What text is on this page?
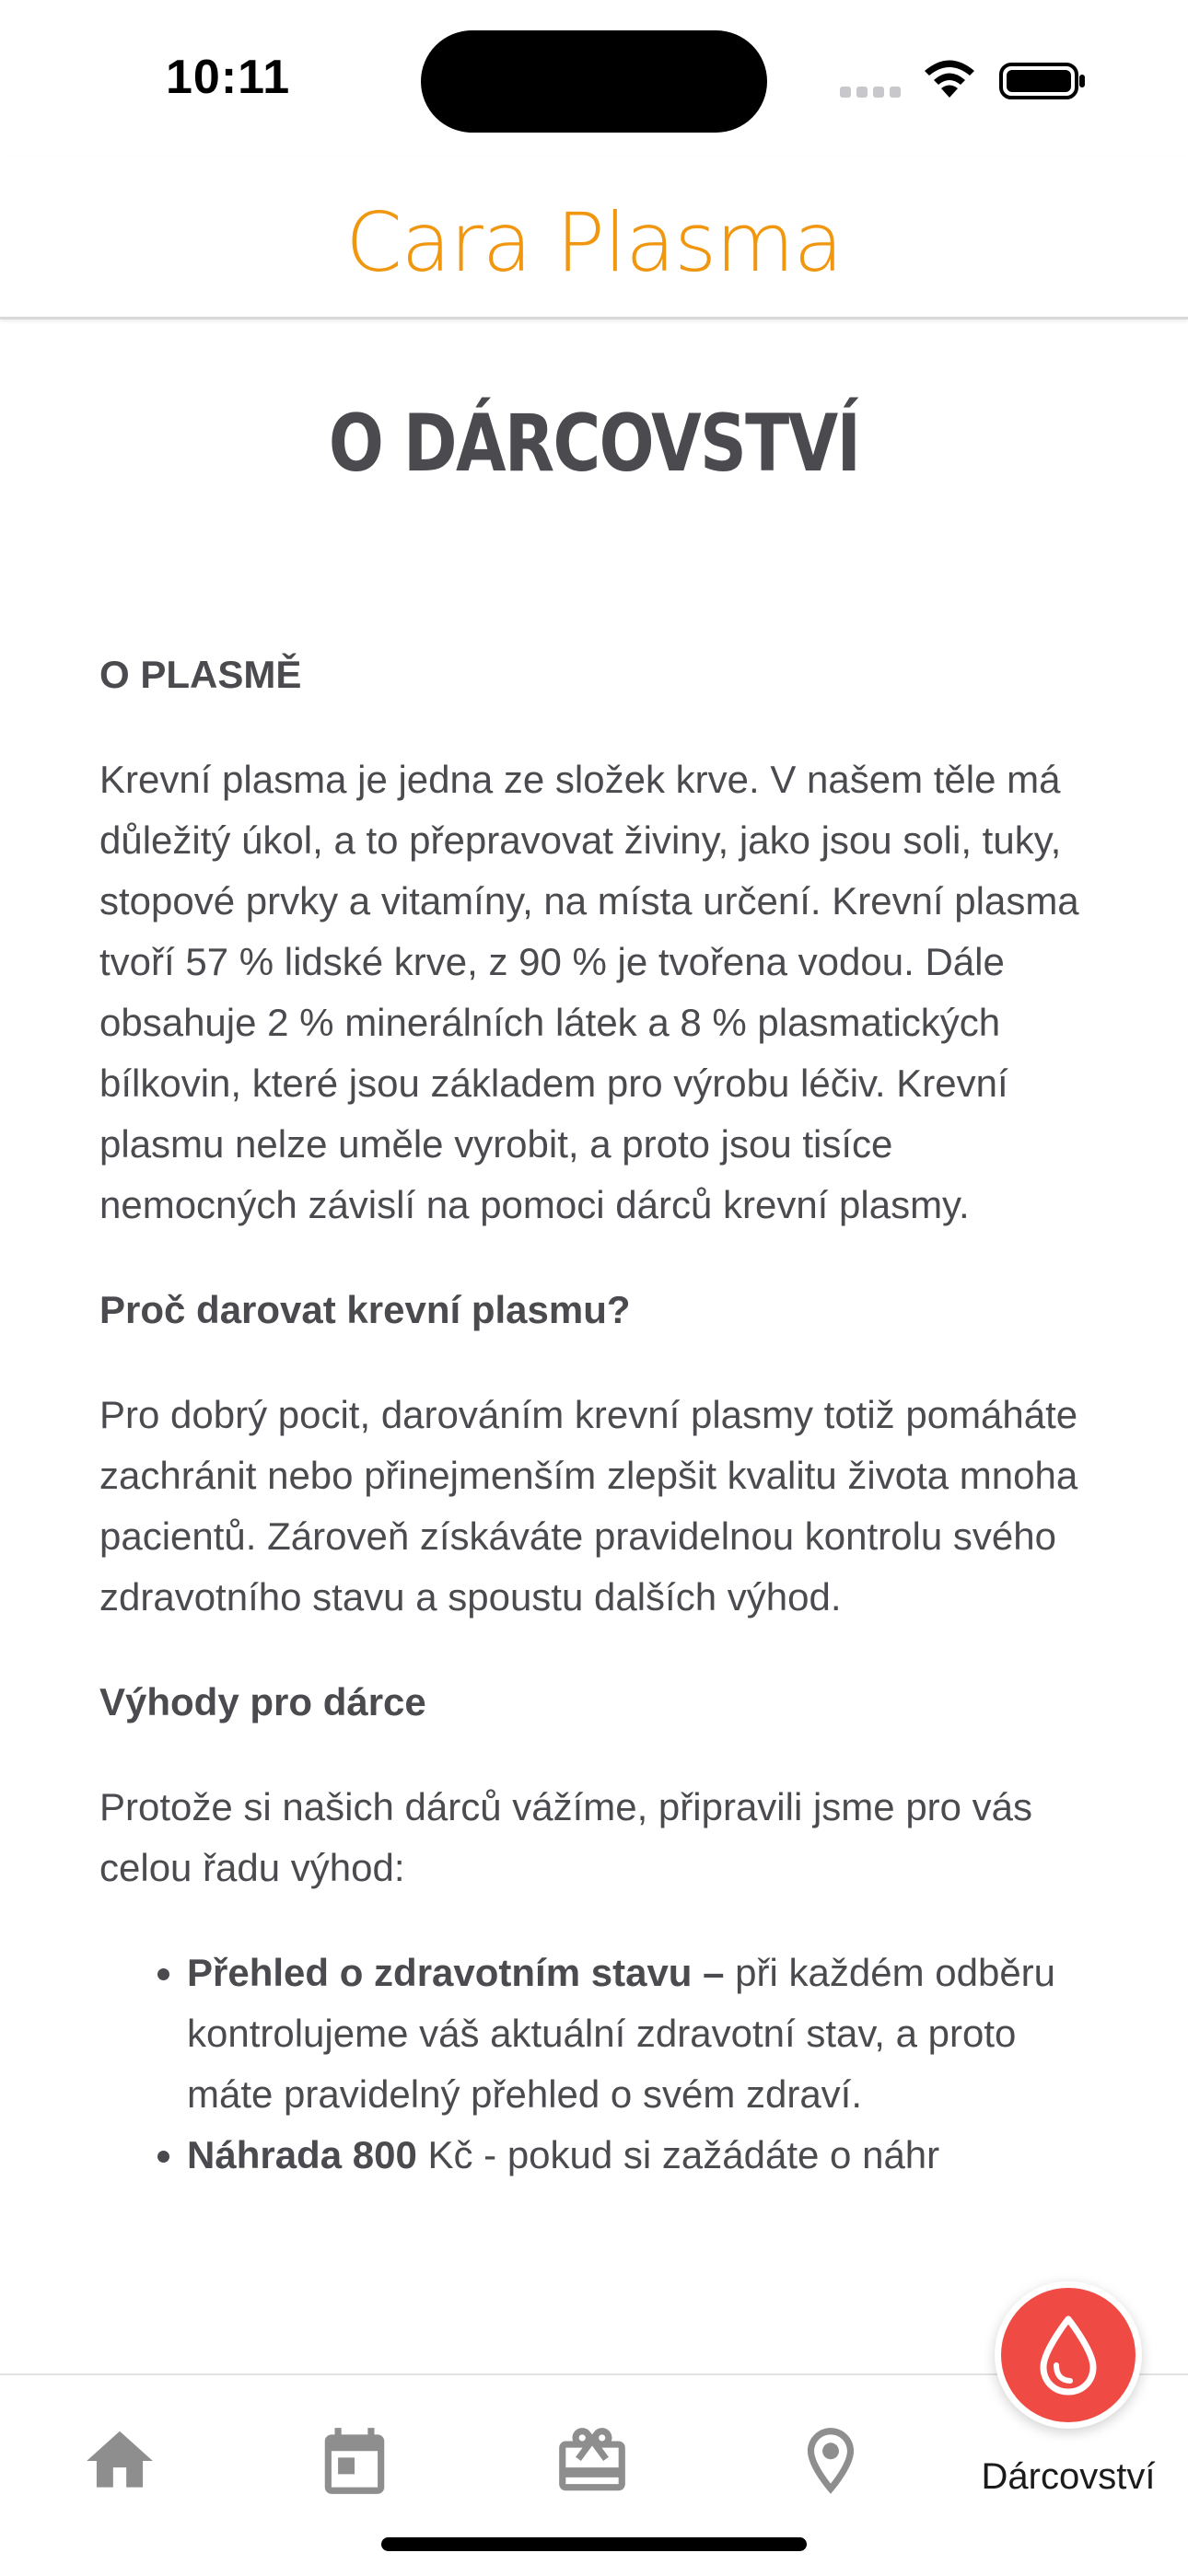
10:11
Cara Plasma
O DÁRCOVSTVÍ

O PLASMĚ

Krevní plasma je jedna ze složek krve. V našem těle má důležitý úkol, a to přepravovat živiny, jako jsou soli, tuky, stopové prvky a vitamíny, na místa určení. Krevní plasma tvoří 57 % lidské krve, z 90 % je tvořena vodou. Dále obsahuje 2 % minerálních látek a 8 % plasmatických bílkovin, které jsou základem pro výrobu léčiv. Krevní plasmu nelze uměle vyrobit, a proto jsou tisíce nemocných závislí na pomoci dárců krevní plasmy.

Proč darovat krevní plasmu?

Pro dobrý pocit, darováním krevní plasmy totiž pomáháte zachránit nebo přinejmenším zlepšit kvalitu života mnoha pacientů. Zároveň získáváte pravidelnou kontrolu svého zdravotního stavu a spoustu dalších výhod.

Výhody pro dárce

Protože si našich dárců vážíme, připravili jsme pro vás celou řadu výhod:

• Přehled o zdravotním stavu – při každém odběru kontrolujeme váš aktuální zdravotní stav, a proto máte pravidelný přehled o svém zdraví.
• Náhrada 800 Kč - pokud si zažádáte o náhr
Dárcovství
